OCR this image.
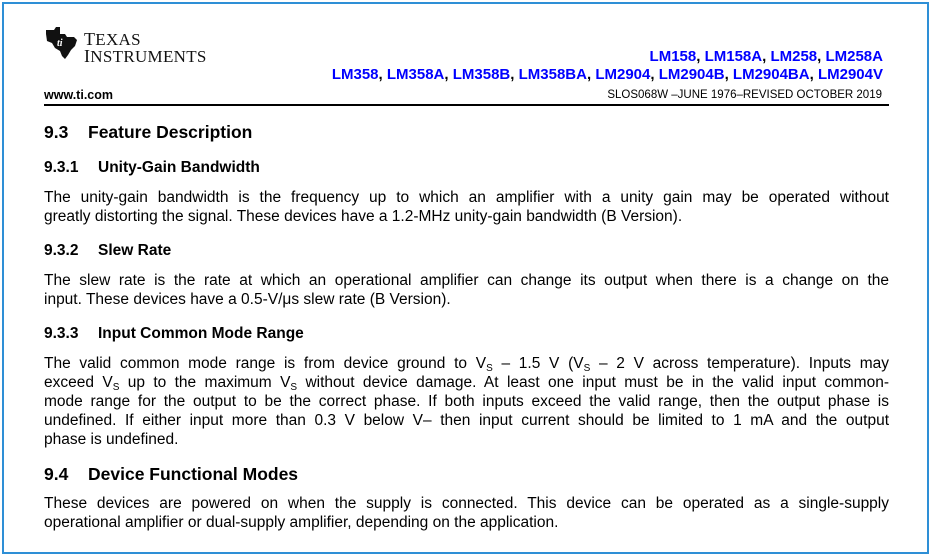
ti TEXAS
INSTRUMENTS	LM158, LM158A, LM258, LM258A
LM358, LM358A, LM358B, LM358BA, LM2904, LM2904B, LM2904BA, LM2904V
www.ti.com	SLOS068W –JUNE 1976–REVISED OCTOBER 2019
9.3 Feature Description
9.3.1 Unity-Gain Bandwidth
The unity-gain bandwidth is the frequency up to which an amplifier with a unity gain may be operated without
greatly distorting the signal. These devices have a 1.2-MHz unity-gain bandwidth (B Version).
9.3.2 Slew Rate
The slew rate is the rate at which an operational amplifier can change its output when there is a change on the
input. These devices have a 0.5-V/μs slew rate (B Version).
9.3.3 Input Common Mode Range
The valid common mode range is from device ground to $V_S - 1.5$ V ($V_S - 2$ V across temperature). Inputs may
exceed $V_S$ up to the maximum $V_S$ without device damage. At least one input must be in the valid input common-
mode range for the output to be the correct phase. If both inputs exceed the valid range, then the output phase is
undefined. If either input more than 0.3 V below V– then input current should be limited to 1 mA and the output
phase is undefined.
9.4 Device Functional Modes
These devices are powered on when the supply is connected. This device can be operated as a single-supply
operational amplifier or dual-supply amplifier, depending on the application.
